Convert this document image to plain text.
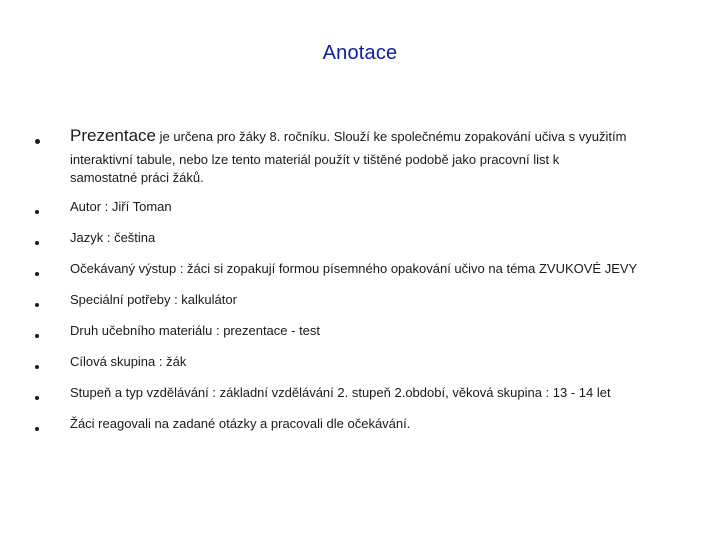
Anotace
Prezentace je určena pro žáky 8. ročníku. Slouží ke společnému zopakování učiva s využitím
interaktivní tabule, nebo lze tento materiál použít v tištěné podobě jako pracovní list k
samostatné práci žáků.
Autor : Jiří Toman
Jazyk : čeština
Očekávaný výstup : žáci si zopakují formou písemného opakování učivo na téma ZVUKOVÉ JEVY
Speciální potřeby : kalkulátor
Druh učebního materiálu : prezentace - test
Cílová skupina : žák
Stupeň a typ vzdělávání : základní vzdělávání 2. stupeň 2.období, věková skupina : 13 - 14 let
Žáci reagovali na zadané otázky a pracovali dle očekávání.
